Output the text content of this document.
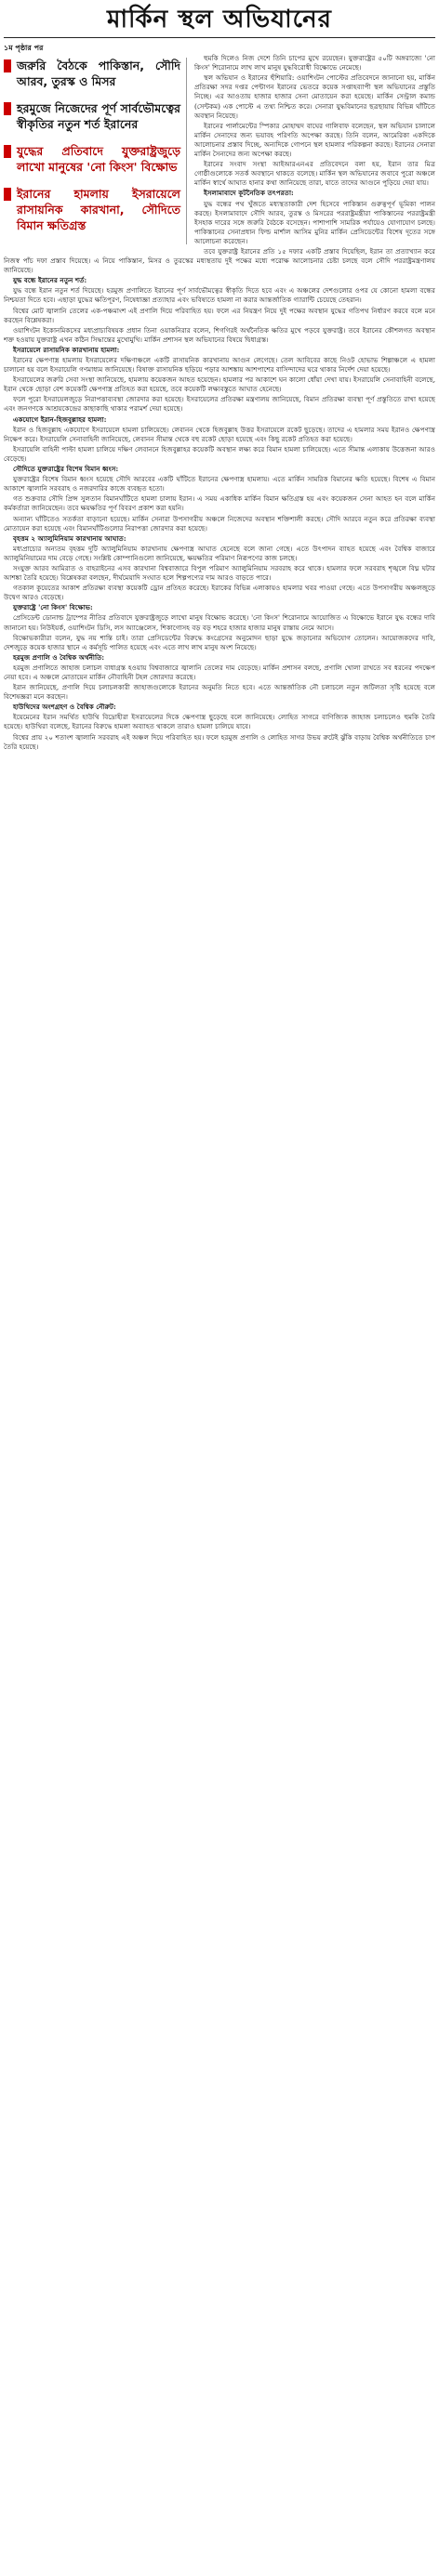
মার্কিন স্থল অভিযানের
১ম পৃষ্ঠার পর
জরুরি বৈঠকে পাকিস্তান, সৌদি আরব, তুরস্ক ও মিসর
হরমুজে নিজেদের পূর্ণ সার্বভৌমত্বের স্বীকৃতির নতুন শর্ত ইরানের
যুদ্ধের প্রতিবাদে যুক্তরাষ্ট্রজুড়ে লাখো মানুষের 'নো কিংস' বিক্ষোভ
ইরানের হামলায় ইসরায়েলে রাসায়নিক কারখানা, সৌদিতে বিমান ক্ষতিগ্রস্ত

হুমকি দিলেও নিজ দেশে তিনি চাপের মুখে রয়েছেন। যুক্তরাষ্ট্রের ৫০টি অঙ্গরাজ্যে 'নো কিংস' শিরোনামে লাখ লাখ মানুষ যুদ্ধবিরোধী বিক্ষোভে নেমেছে।

স্থল অভিযান ও ইরানের হুঁশিয়ারি: ওয়াশিংটন পোস্টের প্রতিবেদনে জানানো হয়, মার্কিন প্রতিরক্ষা সদর দপ্তর পেন্টাগন ইরানের ভেতরে কয়েক সপ্তাহব্যাপী স্থল অভিযানের প্রস্তুতি নিচ্ছে। এর আওতায় হাজার হাজার সেনা মোতায়েন করা হয়েছে। মার্কিন সেন্ট্রাল কমান্ড (সেন্টকম) এক পোস্টে এ তথ্য নিশ্চিত করে। সেনারা যুদ্ধবিমানের ছত্রছায়ায় বিভিন্ন ঘাঁটিতে অবস্থান নিয়েছে।

ইরানের পার্লামেন্টের স্পিকার মোহাম্মদ বাঘের গালিবাফ বলেছেন, স্থল অভিযান চালালে মার্কিন সেনাদের জন্য ভয়াবহ পরিণতি অপেক্ষা করছে। তিনি বলেন, আমেরিকা একদিকে আলোচনার প্রস্তাব দিচ্ছে, অন্যদিকে গোপনে স্থল হামলার পরিকল্পনা করছে। ইরানের সেনারা মার্কিন সৈন্যদের জন্য অপেক্ষা করছে।

ইরানের সংবাদ সংস্থা আইআরএনএর প্রতিবেদনে বলা হয়, ইরান তার মিত্র গোষ্ঠীগুলোকে সতর্ক অবস্থানে থাকতে বলেছে। মার্কিন স্থল অভিযানের জবাবে পুরো অঞ্চলে মার্কিন স্বার্থে আঘাত হানার কথা জানিয়েছে তারা, যাতে তাদের আগুনে পুড়িয়ে দেয়া যায়।

ইসলামাবাদে কূটনৈতিক তৎপরতা:

যুদ্ধ বন্ধের পথ খুঁজতে মধ্যস্থতাকারী দেশ হিসেবে পাকিস্তান গুরুত্বপূর্ণ ভূমিকা পালন করছে। ইসলামাবাদে সৌদি আরব, তুরস্ক ও মিসরের পররাষ্ট্রমন্ত্রীরা পাকিস্তানের পররাষ্ট্রমন্ত্রী ইসহাক দারের সঙ্গে জরুরি বৈঠকে বসেছেন। পাশাপাশি সামরিক পর্যায়েও যোগাযোগ চলছে। পাকিস্তানের সেনাপ্রধান ফিল্ড মার্শাল আসিম মুনির মার্কিন প্রেসিডেন্টের বিশেষ দূতের সঙ্গে আলোচনা করেছেন।

তবে যুক্তরাষ্ট্র ইরানের প্রতি ১৫ দফার একটি প্রস্তাব দিয়েছিল, ইরান তা প্রত্যাখ্যান করে নিজস্ব পাঁচ দফা প্রস্তাব দিয়েছে। এ নিয়ে পাকিস্তান, মিসর ও তুরস্কের মধ্যস্থতায় দুই পক্ষের মধ্যে পরোক্ষ আলোচনার চেষ্টা চলছে বলে সৌদি পররাষ্ট্রমন্ত্রণালয় জানিয়েছে।

যুদ্ধ বন্ধে ইরানের নতুন শর্ত:

যুদ্ধ বন্ধে ইরান নতুন শর্ত দিয়েছে। হরমুজ প্রণালিতে ইরানের পূর্ণ সার্বভৌমত্বের স্বীকৃতি দিতে হবে এবং এ অঞ্চলের দেশগুলোর ওপর যে কোনো হামলা বন্ধের নিশ্চয়তা দিতে হবে। এছাড়া যুদ্ধের ক্ষতিপূরণ, নিষেধাজ্ঞা প্রত্যাহার এবং ভবিষ্যতে হামলা না করার আন্তর্জাতিক গ্যারান্টি চেয়েছে তেহরান।

বিশ্বের মোট জ্বালানি তেলের এক-পঞ্চমাংশ এই প্রণালি দিয়ে পরিবাহিত হয়। ফলে এর নিয়ন্ত্রণ নিয়ে দুই পক্ষের অবস্থান যুদ্ধের গতিপথ নির্ধারণ করবে বলে মনে করছেন বিশ্লেষকরা।

ওয়াশিংটন ইকোনমিকসের মধ্যপ্রাচ্যবিষয়ক প্রধান তিনা ওয়াকনিরার বলেন, শিগগিরই অর্থনৈতিক ক্ষতির মুখে পড়বে যুক্তরাষ্ট্র। তবে ইরানের কৌশলগত অবস্থান শক্ত হওয়ায় যুক্তরাষ্ট্র এখন কঠিন সিদ্ধান্তের মুখোমুখি। মার্কিন প্রশাসন স্থল অভিযানের বিষয়ে দ্বিধাগ্রস্ত।

ইসরায়েলে রাসায়নিক কারখানায় হামলা:

ইরানের ক্ষেপণাস্ত্র হামলায় ইসরায়েলের দক্ষিণাঞ্চলে একটি রাসায়নিক কারখানায় আগুন লেগেছে। তেল আবিবের কাছে নিওট হোভাভ শিল্পাঞ্চলে এ হামলা চালানো হয় বলে ইসরায়েলি গণমাধ্যম জানিয়েছে। বিষাক্ত রাসায়নিক ছড়িয়ে পড়ার আশঙ্কায় আশপাশের বাসিন্দাদের ঘরে থাকার নির্দেশ দেয়া হয়েছে।

ইসরায়েলের জরুরি সেবা সংস্থা জানিয়েছে, হামলায় কয়েকজন আহত হয়েছেন। হামলার পর আকাশে ঘন কালো ধোঁয়া দেখা যায়। ইসরায়েলি সেনাবাহিনী বলেছে, ইরান থেকে ছোড়া বেশ কয়েকটি ক্ষেপণাস্ত্র প্রতিহত করা হয়েছে, তবে কয়েকটি লক্ষ্যবস্তুতে আঘাত হেনেছে।

ফলে পুরো ইসরায়েলজুড়ে নিরাপত্তাব্যবস্থা জোরদার করা হয়েছে। ইসরায়েলের প্রতিরক্ষা মন্ত্রণালয় জানিয়েছে, বিমান প্রতিরক্ষা ব্যবস্থা পূর্ণ প্রস্তুতিতে রাখা হয়েছে এবং জনগণকে আশ্রয়কেন্দ্রের কাছাকাছি থাকার পরামর্শ দেয়া হয়েছে।

একযোগে ইরান-হিজবুল্লাহর হামলা:

ইরান ও হিজবুল্লাহ একযোগে ইসরায়েলে হামলা চালিয়েছে। লেবানন থেকে হিজবুল্লাহ উত্তর ইসরায়েলে রকেট ছুড়েছে। তাদের এ হামলার সময় ইরানও ক্ষেপণাস্ত্র নিক্ষেপ করে। ইসরায়েলি সেনাবাহিনী জানিয়েছে, লেবানন সীমান্ত থেকে বহু রকেট ছোড়া হয়েছে এবং কিছু রকেট প্রতিহত করা হয়েছে।

ইসরায়েলি বাহিনী পাল্টা হামলা চালিয়ে দক্ষিণ লেবাননে হিজবুল্লাহর কয়েকটি অবস্থান লক্ষ্য করে বিমান হামলা চালিয়েছে। এতে সীমান্ত এলাকায় উত্তেজনা আরও বেড়েছে।

সৌদিতে যুক্তরাষ্ট্রের বিশেষ বিমান ধ্বংস:

যুক্তরাষ্ট্রের বিশেষ বিমান ধ্বংস হয়েছে সৌদি আরবের একটি ঘাঁটিতে ইরানের ক্ষেপণাস্ত্র হামলায়। এতে মার্কিন সামরিক বিমানের ক্ষতি হয়েছে। বিশেষ এ বিমান আকাশে জ্বালানি সরবরাহ ও নজরদারির কাজে ব্যবহৃত হতো।

গত শুক্রবার সৌদি প্রিন্স সুলতান বিমানঘাঁটিতে হামলা চালায় ইরান। এ সময় একাধিক মার্কিন বিমান ক্ষতিগ্রস্ত হয় এবং কয়েকজন সেনা আহত হন বলে মার্কিন কর্মকর্তারা জানিয়েছেন। তবে ক্ষয়ক্ষতির পূর্ণ বিবরণ প্রকাশ করা হয়নি।

অন্যান্য ঘাঁটিতেও সতর্কতা বাড়ানো হয়েছে। মার্কিন সেনারা উপসাগরীয় অঞ্চলে নিজেদের অবস্থান শক্তিশালী করছে। সৌদি আরবে নতুন করে প্রতিরক্ষা ব্যবস্থা মোতায়েন করা হয়েছে এবং বিমানঘাঁটিগুলোর নিরাপত্তা জোরদার করা হয়েছে।

বৃহত্তম ২ অ্যালুমিনিয়াম কারখানায় আঘাত:

মধ্যপ্রাচ্যের অন্যতম বৃহত্তম দুটি অ্যালুমিনিয়াম কারখানায় ক্ষেপণাস্ত্র আঘাত হেনেছে বলে জানা গেছে। এতে উৎপাদন ব্যাহত হয়েছে এবং বৈশ্বিক বাজারে অ্যালুমিনিয়ামের দাম বেড়ে গেছে। সংশ্লিষ্ট কোম্পানিগুলো জানিয়েছে, ক্ষয়ক্ষতির পরিমাণ নিরূপণের কাজ চলছে।

সংযুক্ত আরব আমিরাত ও বাহরাইনের এসব কারখানা বিশ্ববাজারে বিপুল পরিমাণ অ্যালুমিনিয়াম সরবরাহ করে থাকে। হামলার ফলে সরবরাহ শৃঙ্খলে বিঘ্ন ঘটার আশঙ্কা তৈরি হয়েছে। বিশ্লেষকরা বলছেন, দীর্ঘমেয়াদি সংঘাত হলে শিল্পপণ্যের দাম আরও বাড়তে পারে।

গতকাল কুয়েতের আকাশ প্রতিরক্ষা ব্যবস্থা কয়েকটি ড্রোন প্রতিহত করেছে। ইরাকের বিভিন্ন এলাকায়ও হামলার খবর পাওয়া গেছে। এতে উপসাগরীয় অঞ্চলজুড়ে উদ্বেগ আরও বেড়েছে।

যুক্তরাষ্ট্রে 'নো কিংস' বিক্ষোভ:

প্রেসিডেন্ট ডোনাল্ড ট্রাম্পের নীতির প্রতিবাদে যুক্তরাষ্ট্রজুড়ে লাখো মানুষ বিক্ষোভ করেছে। 'নো কিংস' শিরোনামে আয়োজিত এ বিক্ষোভে ইরানে যুদ্ধ বন্ধের দাবি জানানো হয়। নিউইয়র্ক, ওয়াশিংটন ডিসি, লস অ্যাঞ্জেলেস, শিকাগোসহ বড় বড় শহরে হাজার হাজার মানুষ রাস্তায় নেমে আসে।

বিক্ষোভকারীরা বলেন, যুদ্ধ নয় শান্তি চাই। তারা প্রেসিডেন্টের বিরুদ্ধে কংগ্রেসের অনুমোদন ছাড়া যুদ্ধে জড়ানোর অভিযোগ তোলেন। আয়োজকদের দাবি, দেশজুড়ে কয়েক হাজার স্থানে এ কর্মসূচি পালিত হয়েছে এবং এতে লাখ লাখ মানুষ অংশ নিয়েছে।

হরমুজ প্রণালি ও বৈশ্বিক অর্থনীতি:

হরমুজ প্রণালিতে জাহাজ চলাচল বাধাগ্রস্ত হওয়ায় বিশ্ববাজারে জ্বালানি তেলের দাম বেড়েছে। মার্কিন প্রশাসন বলছে, প্রণালি খোলা রাখতে সব ধরনের পদক্ষেপ নেয়া হবে। এ অঞ্চলে মোতায়েন মার্কিন নৌবাহিনী টহল জোরদার করেছে।

ইরান জানিয়েছে, প্রণালি দিয়ে চলাচলকারী জাহাজগুলোকে ইরানের অনুমতি নিতে হবে। এতে আন্তর্জাতিক নৌ চলাচলে নতুন জটিলতা সৃষ্টি হয়েছে বলে বিশেষজ্ঞরা মনে করছেন।

হাউথিদের অংশগ্রহণ ও বৈশ্বিক নৌরুট:

ইয়েমেনের ইরান সমর্থিত হাউথি বিদ্রোহীরা ইসরায়েলের দিকে ক্ষেপণাস্ত্র ছুড়েছে বলে জানিয়েছে। লোহিত সাগরে বাণিজ্যিক জাহাজ চলাচলেও হুমকি তৈরি হয়েছে। হাউথিরা বলেছে, ইরানের বিরুদ্ধে হামলা অব্যাহত থাকলে তারাও হামলা চালিয়ে যাবে।

বিশ্বের প্রায় ২০ শতাংশ জ্বালানি সরবরাহ এই অঞ্চল দিয়ে পরিবাহিত হয়। ফলে হরমুজ প্রণালি ও লোহিত সাগর উভয় রুটেই ঝুঁকি বাড়ায় বৈশ্বিক অর্থনীতিতে চাপ তৈরি হয়েছে।
